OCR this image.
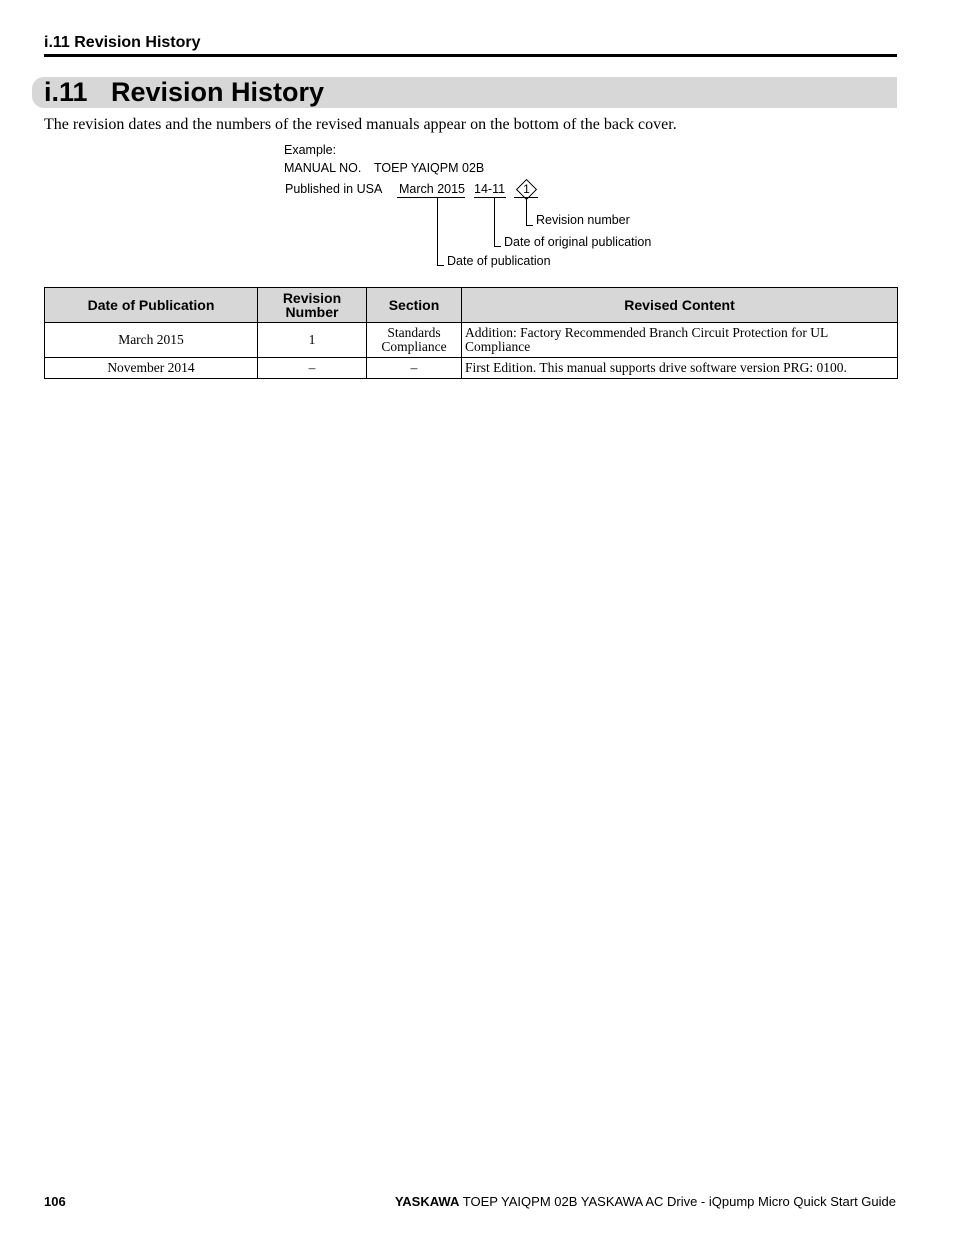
i.11 Revision History
i.11 Revision History
The revision dates and the numbers of the revised manuals appear on the bottom of the back cover.
Example:
MANUAL NO. TOEP YAIQPM 02B
Published in USA March 2015 14-11	1
Revision number
Date of original publication
Date of publication
Date of Publication	Revision Number	Section	Revised Content
March 2015	1	Standards Compliance	Addition: Factory Recommended Branch Circuit Protection for UL Compliance
November 2014	–	–	First Edition. This manual supports drive software version PRG: 0100.
106	YASKAWA TOEP YAIQPM 02B YASKAWA AC Drive - iQpump Micro Quick Start Guide
